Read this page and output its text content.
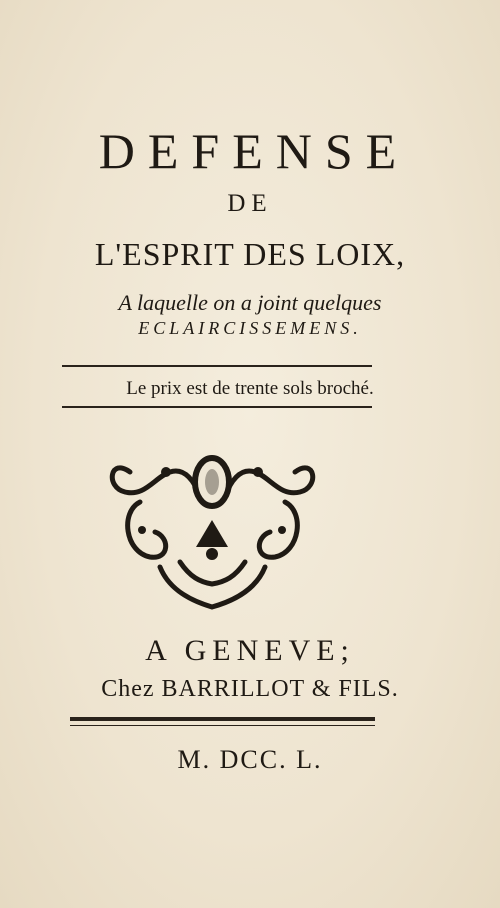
DEFENSE
DE
L'ESPRIT DES LOIX,
A laquelle on a joint quelques
ECLAIRCISSEMENS.
Le prix est de trente sols broché.
A GENEVE;
Chez BARRILLOT & FILS.
M. DCC. L.
